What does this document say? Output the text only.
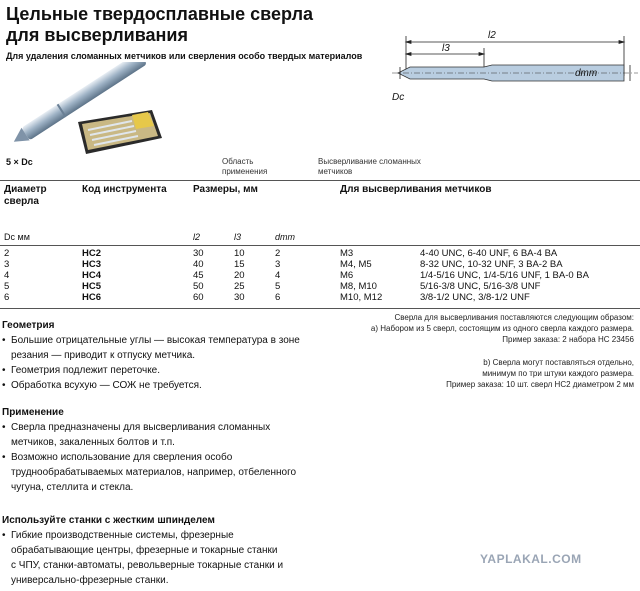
Цельные твердосплавные сверла
для высверливания
Для удаления сломанных метчиков или сверления особо твердых материалов
5 × Dc	Область
применения
Высверливание сломанных
метчиков
l2
l3
Dc
dmm
Диаметр
сверла
Код инструмента	Размеры, мм	Для высверливания метчиков
Dc мм	l2	l3	dmm
2	HC2	30	10	2	M3	4-40 UNC, 6-40 UNF, 6 BA-4 BA
3	HC3	40	15	3	M4, M5	8-32 UNC, 10-32 UNF, 3 BA-2 BA
4	HC4	45	20	4	M6	1/4-5/16 UNC, 1/4-5/16 UNF, 1 BA-0 BA
5	HC5	50	25	5	M8, M10	5/16-3/8 UNC, 5/16-3/8 UNF
6	HC6	60	30	6	M10, M12	3/8-1/2 UNC, 3/8-1/2 UNF
Геометрия
• Большие отрицательные углы — высокая температура в зоне

• резания — приводит к отпуску метчика.
• Геометрия подлежит переточке.
• Обработка всухую — СОЖ не требуется.
Применение
• Сверла предназначены для высверливания сломанных

• метчиков, закаленных болтов и т.п.
• Возможно использование для сверления особо

• труднообрабатываемых материалов, например, отбеленного

• чугуна, стеллита и стекла.
Используйте станки с жестким шпинделем
• Гибкие производственные системы, фрезерные

• обрабатывающие центры, фрезерные и токарные станки

• с ЧПУ, станки-автоматы, револьверные токарные станки и

• универсально-фрезерные станки.
Сверла для высверливания поставляются следующим образом:
a) Набором из 5 сверл, состоящим из одного сверла каждого размера.
Пример заказа: 2 набора HC 23456
b) Сверла могут поставляться отдельно,
минимум по три штуки каждого размера.
Пример заказа: 10 шт. сверл HC2 диаметром 2 мм
YAPLAKAL.COM
